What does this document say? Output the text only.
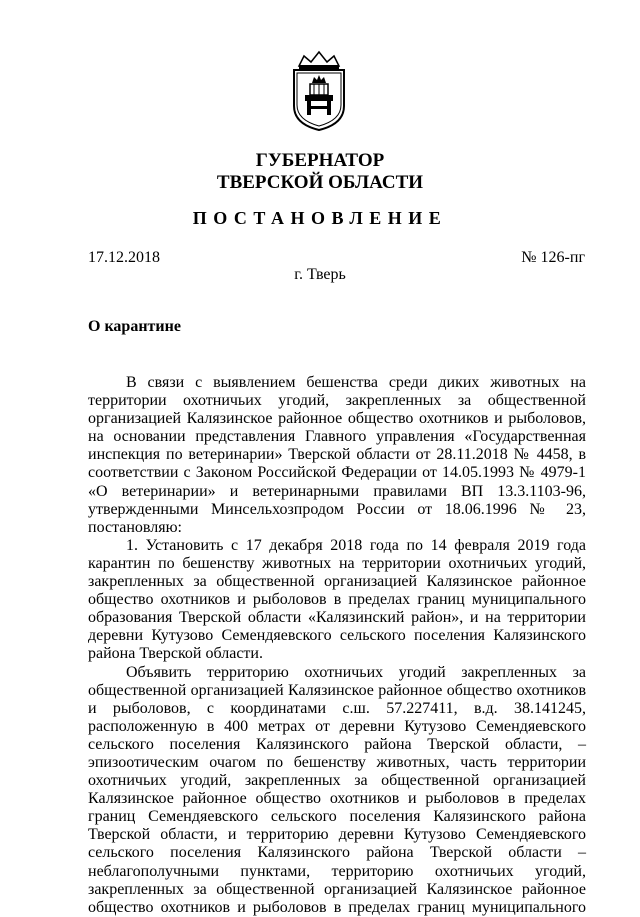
ГУБЕРНАТОР
ТВЕРСКОЙ ОБЛАСТИ
ПОСТАНОВЛЕНИЕ
17.12.2018	№ 126-пг
г. Тверь
О карантине

В связи с выявлением бешенства среди диких животных на территории охотничьих угодий, закрепленных за общественной организацией Калязинское районное общество охотников и рыболовов, на основании представления Главного управления «Государственная инспекция по ветеринарии» Тверской области от 28.11.2018 № 4458, в соответствии с Законом Российской Федерации от 14.05.1993 № 4979-1 «О ветеринарии» и ветеринарными правилами ВП 13.3.1103-96, утвержденными Минсельхозпродом России от 18.06.1996 № 23, постановляю:

1. Установить с 17 декабря 2018 года по 14 февраля 2019 года карантин по бешенству животных на территории охотничьих угодий, закрепленных за общественной организацией Калязинское районное общество охотников и рыболовов в пределах границ муниципального образования Тверской области «Калязинский район», и на территории деревни Кутузово Семендяевского сельского поселения Калязинского района Тверской области.

Объявить территорию охотничьих угодий закрепленных за общественной организацией Калязинское районное общество охотников и рыболовов, с координатами с.ш. 57.227411, в.д. 38.141245, расположенную в 400 метрах от деревни Кутузово Семендяевского сельского поселения Калязинского района Тверской области, – эпизоотическим очагом по бешенству животных, часть территории охотничьих угодий, закрепленных за общественной организацией Калязинское районное общество охотников и рыболовов в пределах границ Семендяевского сельского поселения Калязинского района Тверской области, и территорию деревни Кутузово Семендяевского сельского поселения Калязинского района Тверской области – неблагополучными пунктами, территорию охотничьих угодий, закрепленных за общественной организацией Калязинское районное общество охотников и рыболовов в пределах границ муниципального
